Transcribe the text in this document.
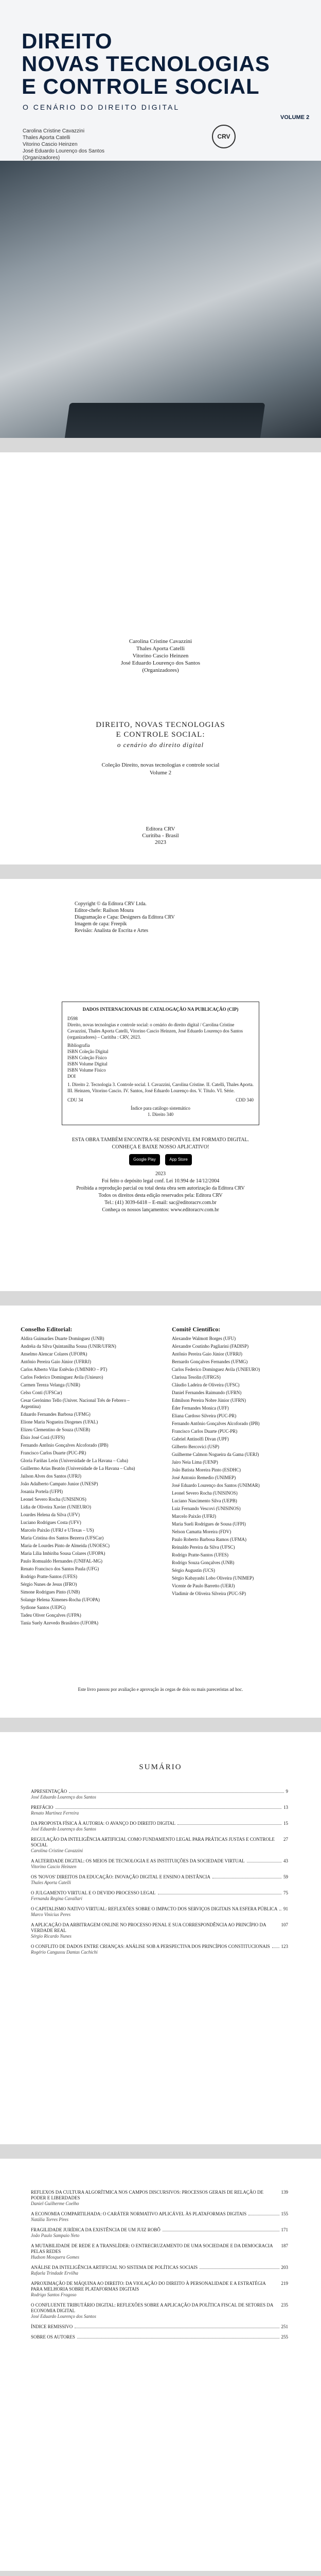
DIREITO
NOVAS TECNOLOGIAS
E CONTROLE SOCIAL
O CENÁRIO DO DIREITO DIGITAL
VOLUME 2
Carolina Cristine Cavazzini
Thales Aporta Catelli
Vitorino Cascio Heinzen
José Eduardo Lourenço dos Santos
(Organizadores)
CRV
Carolina Cristine Cavazzini
Thales Aporta Catelli
Vitorino Cascio Heinzen
José Eduardo Lourenço dos Santos
(Organizadores)
DIREITO, NOVAS TECNOLOGIAS
E CONTROLE SOCIAL:
o cenário do direito digital
Coleção Direito, novas tecnologias e controle social
Volume 2
Editora CRV
Curitiba - Brasil
2023
Copyright © da Editora CRV Ltda.
Editor-chefe: Railson Moura
Diagramação e Capa: Designers da Editora CRV
Imagem de capa: Freepik
Revisão: Analista de Escrita e Artes
DADOS INTERNACIONAIS DE CATALOGAÇÃO NA PUBLICAÇÃO (CIP)
D598
Direito, novas tecnologias e controle social: o cenário do direito digital / Carolina Cristine Cavazzini, Thales Aporta Catelli, Vitorino Cascio Heinzen, José Eduardo Lourenço dos Santos (organizadores) – Curitiba : CRV, 2023.
Bibliografia
ISBN Coleção Digital
ISBN Coleção Físico
ISBN Volume Digital
ISBN Volume Físico
DOI
1. Direito 2. Tecnologia 3. Controle social. I. Cavazzini, Carolina Cristine. II. Catelli, Thales Aporta. III. Heinzen, Vitorino Cascio. IV. Santos, José Eduardo Lourenço dos. V. Título. VI. Série.
CDU 34	CDD 340
Índice para catálogo sistemático
1. Direito 340
ESTA OBRA TAMBÉM ENCONTRA-SE DISPONÍVEL EM FORMATO DIGITAL.
CONHEÇA E BAIXE NOSSO APLICATIVO!
Google Play	App Store
2023
Foi feito o depósito legal conf. Lei 10.994 de 14/12/2004
Proibida a reprodução parcial ou total desta obra sem autorização da Editora CRV
Todos os direitos desta edição reservados pela: Editora CRV
Tel.: (41) 3039-6418 – E-mail: sac@editoracrv.com.br
Conheça os nossos lançamentos: www.editoracrv.com.br
Conselho Editorial:

Aldira Guimarães Duarte Domínguez (UNB)

Andréia da Silva Quintanilha Sousa (UNIR/UFRN)

Anselmo Alencar Colares (UFOPA)

Antônio Pereira Gaio Júnior (UFRRJ)

Carlos Alberto Vilar Estêvão (UMINHO – PT)

Carlos Federico Dominguez Avila (Unieuro)

Carmen Tereza Velanga (UNIR)

Celso Conti (UFSCar)

Cesar Gerónimo Tello (Univer. Nacional Três de Febrero – Argentina)

Eduardo Fernandes Barbosa (UFMG)

Elione Maria Nogueira Diogenes (UFAL)

Elizeu Clementino de Souza (UNEB)

Élsio José Corá (UFFS)

Fernando Antônio Gonçalves Alcoforado (IPB)

Francisco Carlos Duarte (PUC-PR)

Gloria Fariñas León (Universidade de La Havana – Cuba)

Guillermo Arias Beatón (Universidade de La Havana – Cuba)

Jailson Alves dos Santos (UFRJ)

João Adalberto Campato Junior (UNESP)

Josania Portela (UFPI)

Leonel Severo Rocha (UNISINOS)

Lídia de Oliveira Xavier (UNIEURO)

Lourdes Helena da Silva (UFV)

Luciano Rodrigues Costa (UFV)

Marcelo Paixão (UFRJ e UTexas – US)

Maria Cristina dos Santos Bezerra (UFSCar)

Maria de Lourdes Pinto de Almeida (UNOESC)

Maria Lília Imbiriba Sousa Colares (UFOPA)

Paulo Romualdo Hernandes (UNIFAL-MG)

Renato Francisco dos Santos Paula (UFG)

Rodrigo Pratte-Santos (UFES)

Sérgio Nunes de Jesus (IFRO)

Simone Rodrigues Pinto (UNB)

Solange Helena Ximenes-Rocha (UFOPA)

Sydione Santos (UEPG)

Tadeu Oliver Gonçalves (UFPA)

Tania Suely Azevedo Brasileiro (UFOPA)

Comitê Científico:

Alexandre Walmott Borges (UFU)

Alexandre Coutinho Pagliarini (FADISP)

Antônio Pereira Gaio Júnior (UFRRJ)

Bernardo Gonçalves Fernandes (UFMG)

Carlos Federico Dominguez Avila (UNIEURO)

Clarissa Tesolin (UFRGS)

Cláudio Ladeira de Oliveira (UFSC)

Daniel Fernandes Raimundo (UFRN)

Edmilson Pereira Nobre Júnior (UFRN)

Éder Fernandes Monica (UFF)

Eliana Cardoso Silveira (PUC-PR)

Fernando Antônio Gonçalves Alcoforado (IPB)

Francisco Carlos Duarte (PUC-PR)

Gabriel Antinolfi Divan (UPF)

Gilberto Bercovici (USP)

Guilherme Calmon Nogueira da Gama (UERJ)

Jairo Neia Lima (UENP)

João Batista Moreira Pinto (ESDHC)

José Antonio Remedio (UNIMEP)

José Eduardo Lourenço dos Santos (UNIMAR)

Leonel Severo Rocha (UNISINOS)

Luciano Nascimento Silva (UEPB)

Luiz Fernando Vescovi (UNISINOS)

Marcelo Paixão (UFRJ)

Maria Sueli Rodrigues de Sousa (UFPI)

Nelson Camatta Moreira (FDV)

Paulo Roberto Barbosa Ramos (UFMA)

Reinaldo Pereira da Silva (UFSC)

Rodrigo Pratte-Santos (UFES)

Rodrigo Souza Gonçalves (UNB)

Sérgio Augustin (UCS)

Sérgio Kabayashi Lobo Oliveira (UNIMEP)

Vicente de Paulo Barretto (UERJ)

Vladimir de Oliveira Silveira (PUC-SP)

Este livro passou por avaliação e aprovação às cegas de dois ou mais pareceristas ad hoc.
SUMÁRIO
APRESENTAÇÃO	9
José Eduardo Lourenço dos Santos
PREFÁCIO	13
Renato Martinez Ferreira
DA PROPOSTA FÍSICA À AUTORIA: O AVANÇO DO DIREITO DIGITAL	15
José Eduardo Lourenço dos Santos
REGULAÇÃO DA INTELIGÊNCIA ARTIFICIAL COMO FUNDAMENTO LEGAL PARA PRÁTICAS JUSTAS E CONTROLE SOCIAL
27
Carolina Cristine Cavazzini
A ALTERIDADE DIGITAL: OS MEIOS DE TECNOLOGIA E AS INSTITUIÇÕES DA SOCIEDADE VIRTUAL	43
Vitorino Cascio Heinzen
OS 'NOVOS' DIREITOS DA EDUCAÇÃO: INOVAÇÃO DIGITAL E ENSINO A DISTÂNCIA	59
Thales Aporta Catelli
O JULGAMENTO VIRTUAL E O DEVIDO PROCESSO LEGAL	75
Fernanda Regina Cavallari
O CAPITALISMO NATIVO VIRTUAL: REFLEXÕES SOBRE O IMPACTO DOS SERVIÇOS DIGITAIS NA ESFERA PÚBLICA 91
Marco Vinicius Peres
A APLICAÇÃO DA ARBITRAGEM ONLINE NO PROCESSO PENAL E SUA CORRESPONDÊNCIA AO PRINCÍPIO DA VERDADE REAL
107
Sérgio Ricardo Nunes
O CONFLITO DE DADOS ENTRE CRIANÇAS: ANÁLISE SOB A PERSPECTIVA DOS PRINCÍPIOS CONSTITUCIONAIS 123
Rogério Cangussu Dantas Cachichi
REFLEXOS DA CULTURA ALGORÍTMICA NOS CAMPOS DISCURSIVOS: PROCESSOS GERAIS DE RELAÇÃO DE PODER E LIBERDADES
139
Daniel Guilherme Coelho
A ECONOMIA COMPARTILHADA: O CARÁTER NORMATIVO APLICÁVEL ÀS PLATAFORMAS DIGITAIS	155
Natália Torres Pires
FRAGILIDADE JURÍDICA DA EXISTÊNCIA DE UM JUIZ ROBÔ	171
João Paulo Sampaio Neto
A MUTABILIDADE DE REDE E A TRANSLÍDER: O ENTRECRUZAMENTO DE UMA SOCIEDADE E DA DEMOCRACIA PELAS REDES
187
Hudson Mosquera Gomes
ANÁLISE DA INTELIGÊNCIA ARTIFICIAL NO SISTEMA DE POLÍTICAS SOCIAIS	203
Rafaela Trindade Ervilha
APROXIMAÇÃO DE MÁQUINA AO DIREITO: DA VIOLAÇÃO DO DIREITO À PERSONALIDADE E A ESTRATÉGIA PARA MELHORIA SOBRE PLATAFORMAS DIGITAIS
219
Rodrigo Santos Fragoso
O CONFLUENTE TRIBUTÁRIO DIGITAL: REFLEXÕES SOBRE A APLICAÇÃO DA POLÍTICA FISCAL DE SETORES DA ECONOMIA DIGITAL
235
José Eduardo Lourenço dos Santos
ÍNDICE REMISSIVO	251
SOBRE OS AUTORES	255
